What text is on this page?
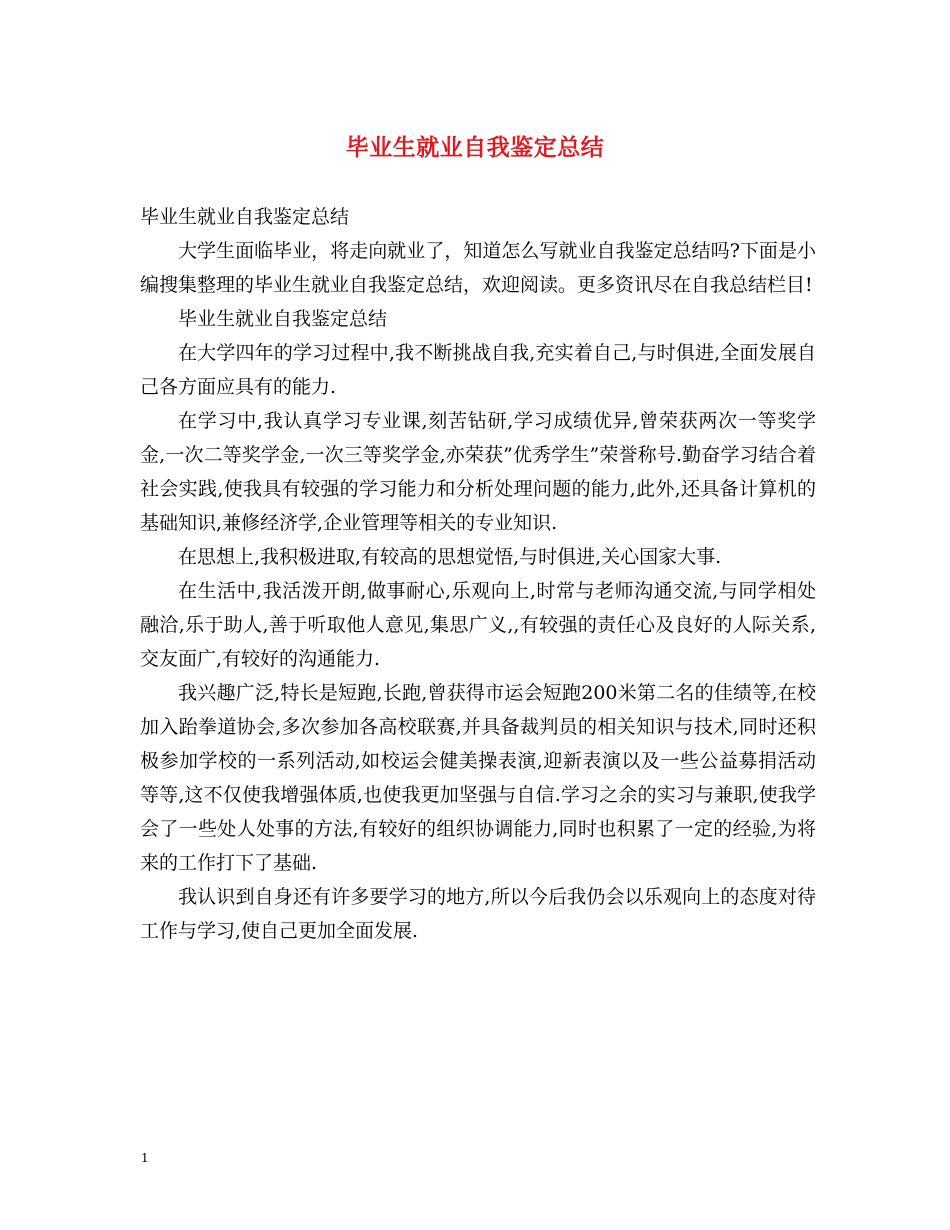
毕业生就业自我鉴定总结

毕业生就业自我鉴定总结

大学生面临毕业，将走向就业了，知道怎么写就业自我鉴定总结吗?下面是小编搜集整理的毕业生就业自我鉴定总结，欢迎阅读。更多资讯尽在自我总结栏目!

毕业生就业自我鉴定总结

在大学四年的学习过程中,我不断挑战自我,充实着自己,与时俱进,全面发展自己各方面应具有的能力.

在学习中,我认真学习专业课,刻苦钻研,学习成绩优异,曾荣获两次一等奖学金,一次二等奖学金,一次三等奖学金,亦荣获”优秀学生”荣誉称号.勤奋学习结合着社会实践,使我具有较强的学习能力和分析处理问题的能力,此外,还具备计算机的基础知识,兼修经济学,企业管理等相关的专业知识.

在思想上,我积极进取,有较高的思想觉悟,与时俱进,关心国家大事.

在生活中,我活泼开朗,做事耐心,乐观向上,时常与老师沟通交流,与同学相处融洽,乐于助人,善于听取他人意见,集思广义,,有较强的责任心及良好的人际关系,交友面广,有较好的沟通能力.

我兴趣广泛,特长是短跑,长跑,曾获得市运会短跑200米第二名的佳绩等,在校加入跆拳道协会,多次参加各高校联赛,并具备裁判员的相关知识与技术,同时还积极参加学校的一系列活动,如校运会健美操表演,迎新表演以及一些公益募捐活动等等,这不仅使我增强体质,也使我更加坚强与自信.学习之余的实习与兼职,使我学会了一些处人处事的方法,有较好的组织协调能力,同时也积累了一定的经验,为将来的工作打下了基础.

我认识到自身还有许多要学习的地方,所以今后我仍会以乐观向上的态度对待工作与学习,使自己更加全面发展.

1
